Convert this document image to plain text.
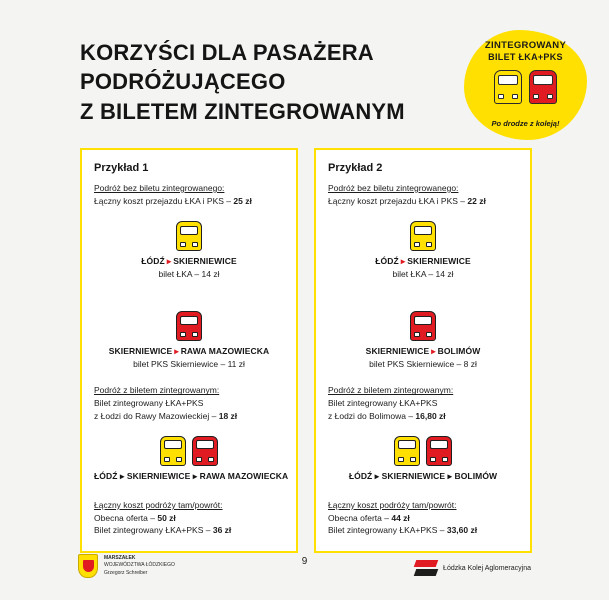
KORZYŚCI DLA PASAŻERA
PODRÓŻUJĄCEGO
Z BILETEM ZINTEGROWANYM
ZINTEGROWANY
BILET ŁKA+PKS
Po drodze z koleją!
Przykład 1
Podróż bez biletu zintegrowanego:
Łączny koszt przejazdu ŁKA i PKS – 25 zł
ŁÓDŹ ▸ SKIERNIEWICE
bilet ŁKA – 14 zł
SKIERNIEWICE ▸ RAWA MAZOWIECKA
bilet PKS Skierniewice – 11 zł
Podróż z biletem zintegrowanym:
Bilet zintegrowany ŁKA+PKS
z Łodzi do Rawy Mazowieckiej – 18 zł
ŁÓDŹ ▸ SKIERNIEWICE ▸ RAWA MAZOWIECKA
Łączny koszt podróży tam/powrót:
Obecna oferta – 50 zł
Bilet zintegrowany ŁKA+PKS – 36 zł
Przykład 2
Podróż bez biletu zintegrowanego:
Łączny koszt przejazdu ŁKA i PKS – 22 zł
ŁÓDŹ ▸ SKIERNIEWICE
bilet ŁKA – 14 zł
SKIERNIEWICE ▸ BOLIMÓW
bilet PKS Skierniewice – 8 zł
Podróż z biletem zintegrowanym:
Bilet zintegrowany ŁKA+PKS
z Łodzi do Bolimowa – 16,80 zł
ŁÓDŹ ▸ SKIERNIEWICE ▸ BOLIMÓW
Łączny koszt podróży tam/powrót:
Obecna oferta – 44 zł
Bilet zintegrowany ŁKA+PKS – 33,60 zł
9
MARSZAŁEK
WOJEWÓDZTWA ŁÓDZKIEGO
Grzegorz Schreiber
Łódzka Kolej Aglomeracyjna
